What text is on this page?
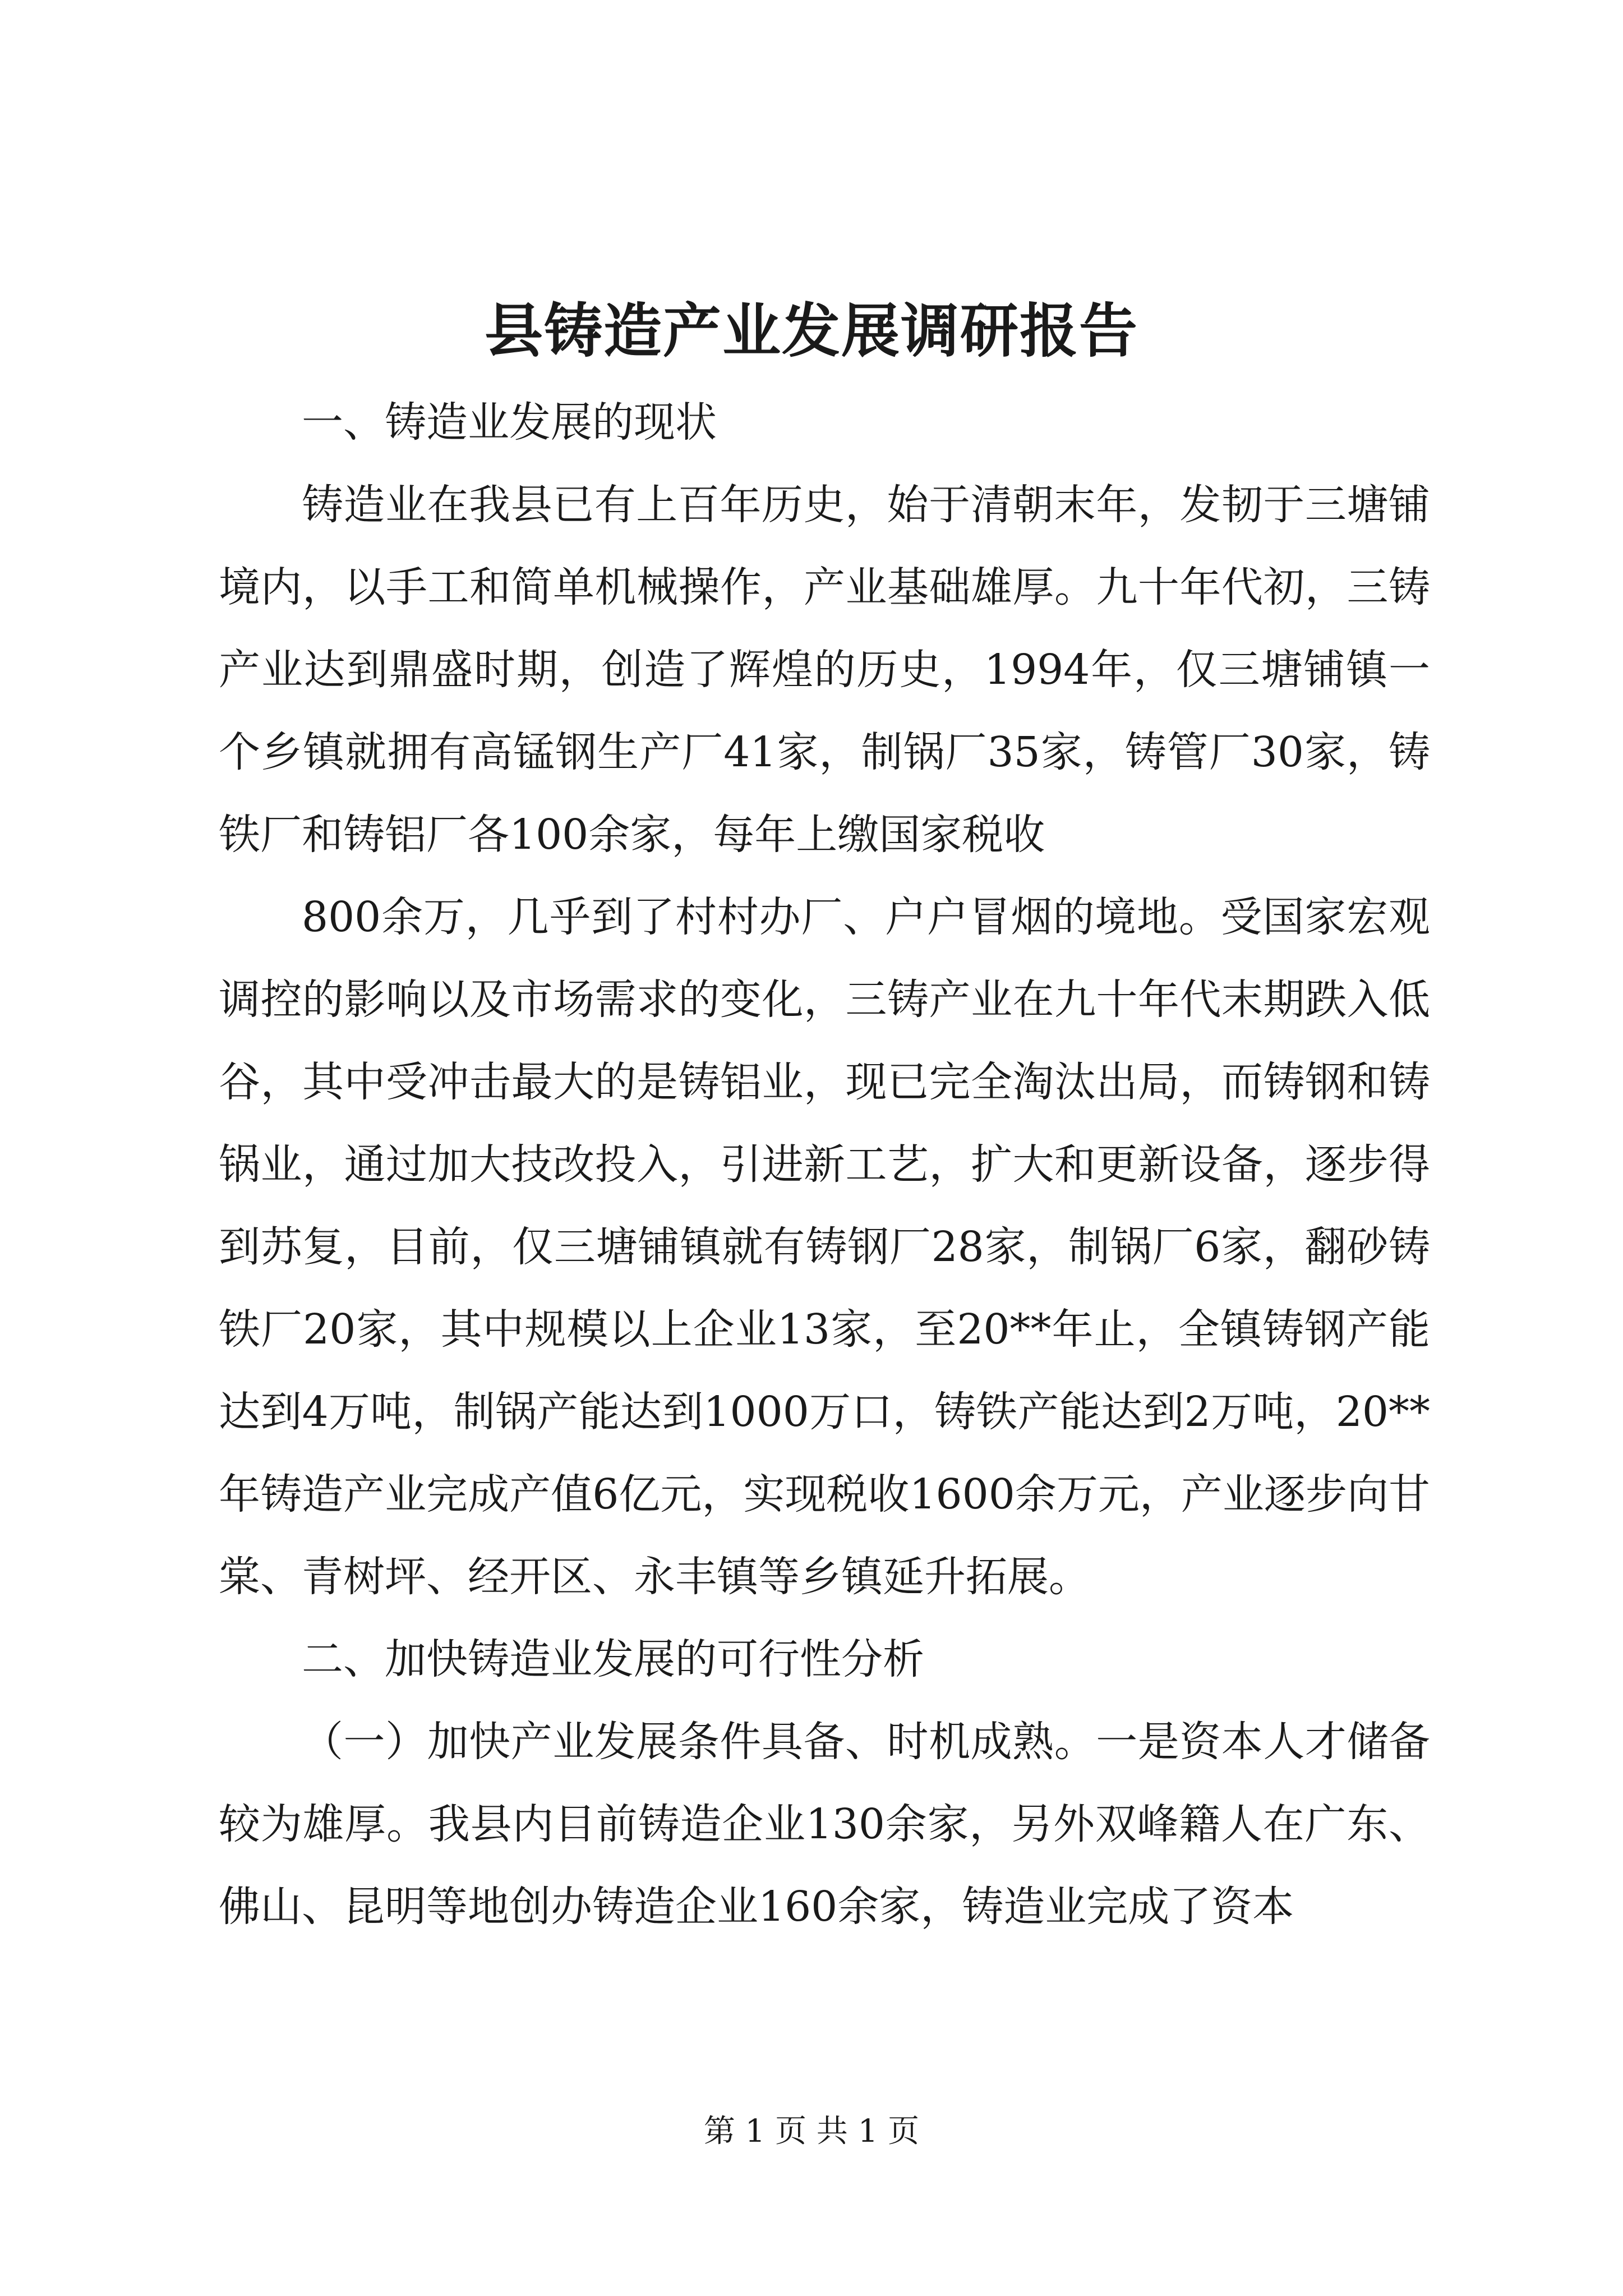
县铸造产业发展调研报告

一、铸造业发展的现状

铸造业在我县已有上百年历史，始于清朝末年，发韧于三塘铺境内，以手工和简单机械操作，产业基础雄厚。九十年代初，三铸产业达到鼎盛时期，创造了辉煌的历史，1994年，仅三塘铺镇一个乡镇就拥有高锰钢生产厂41家，制锅厂35家，铸管厂30家，铸铁厂和铸铝厂各100余家，每年上缴国家税收

800余万，几乎到了村村办厂、户户冒烟的境地。受国家宏观调控的影响以及市场需求的变化，三铸产业在九十年代末期跌入低谷，其中受冲击最大的是铸铝业，现已完全淘汰出局，而铸钢和铸锅业，通过加大技改投入，引进新工艺，扩大和更新设备，逐步得到苏复，目前，仅三塘铺镇就有铸钢厂28家，制锅厂6家，翻砂铸铁厂20家，其中规模以上企业13家，至20**年止，全镇铸钢产能达到4万吨，制锅产能达到1000万口，铸铁产能达到2万吨，20**年铸造产业完成产值6亿元，实现税收1600余万元，产业逐步向甘棠、青树坪、经开区、永丰镇等乡镇延升拓展。

二、加快铸造业发展的可行性分析

（一）加快产业发展条件具备、时机成熟。一是资本人才储备较为雄厚。我县内目前铸造企业130余家，另外双峰籍人在广东、佛山、昆明等地创办铸造企业160余家，铸造业完成了资本

第 1 页 共 1 页
